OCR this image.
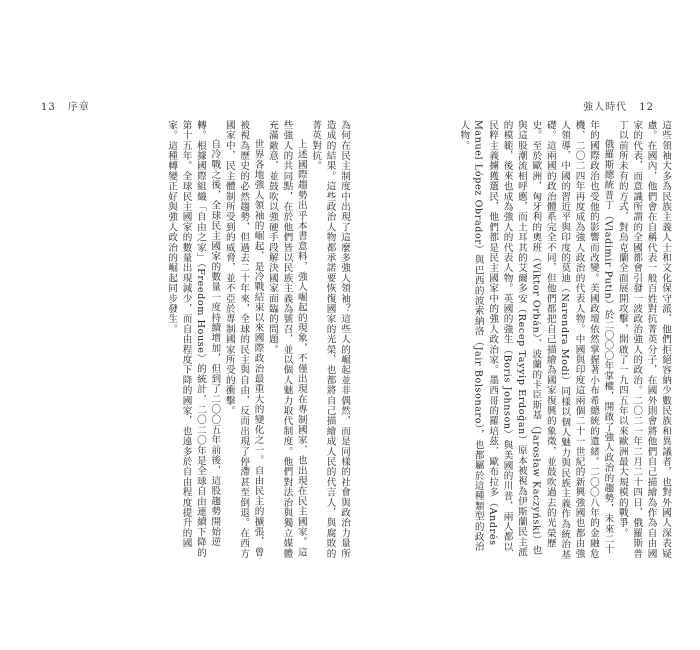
13 序章	強人時代 12

這些領袖大多為民族主義人士和文化保守派，他們拒絕容納少數民族和異議者，也對外國人深表疑慮。在國內，他們會在自稱代表一般百姓對抗菁英分子，在國外則會將他們自己描繪為作為自由國家的代表，而意識所謂的全國都會引發一波政治強人的政治。二〇二一年二月二十四日，俄羅斯普丁以前所未有的方式，對烏克蘭全面展開攻擊，開啟了一九四五年以來歐洲最大規模的戰爭。

俄羅斯總統普丁（Vladimir Putin）於二〇〇〇年掌權，開啟了強人政治的趨勢，未來二十年的國際政治也受他的影響而改變。美國政壇依然掌握著小布希總統的遺緒。二〇〇八年的金融危機、二〇二四年再度成為強人政治的代表人物。中國與印度這兩個二十一世紀的新興強國也都由強人領導，中國的習近平與印度的莫迪（Narendra Modi）同樣以個人魅力與民族主義作為統治基礎。這兩國的政治體系完全不同，但他們都把自己描繪為國家復興的象徵，並鼓吹過去的光榮歷史。至於歐洲，匈牙利的奧班（Viktor Orbán）、波蘭的卡臣斯基（Jarosław Kaczyński）也與這股潮流相呼應，而土耳其的艾爾多安（Recep Tayyip Erdoğan）原本被視為伊斯蘭民主派的模範，後來也成為強人的代表人物。英國的強生（Boris Johnson）與美國的川普，兩人都以民粹主義擄獲選民，他們都是民主國家中的強人政治家。墨西哥的羅培茲．歐布拉多（Andrés Manuel López Obrador）與巴西的波索納洛（Jair Bolsonaro），也都屬於這種類型的政治人物。

為何在民主制度中出現了這麼多強人領袖？這些人的崛起並非偶然，而是同樣的社會與政治力量所造成的結果。這些政治人物都承諾要恢復國家的光榮，也都將自己描繪成人民的代言人，與腐敗的菁英對抗。

上述國際趨勢出乎本書意料，強人崛起的現象，不僅出現在專制國家，也出現在民主國家。這些強人的共同點，在於他們皆以民族主義為號召，並以個人魅力取代制度。他們對法治與獨立媒體充滿敵意，並鼓吹以強硬手段解決國家面臨的問題。

世界各地強人領袖的崛起，是冷戰結束以來國際政治最重大的變化之一。自由民主的擴張，曾被視為歷史的必然趨勢，但過去二十年來，全球的民主與自由，反而出現了停滯甚至倒退。在西方國家中，民主體制所受到的威脅，並不亞於專制國家所受的衝擊。

自冷戰之後，全球民主國家的數量一度持續增加，但到了二〇〇五年前後，這股趨勢開始逆轉。根據國際組織「自由之家」（Freedom House）的統計，二〇二〇年是全球自由連續下降的第十五年。全球民主國家的數量出現減少，而自由程度下降的國家，也遠多於自由程度提升的國家。這種轉變正好與強人政治的崛起同步發生。
